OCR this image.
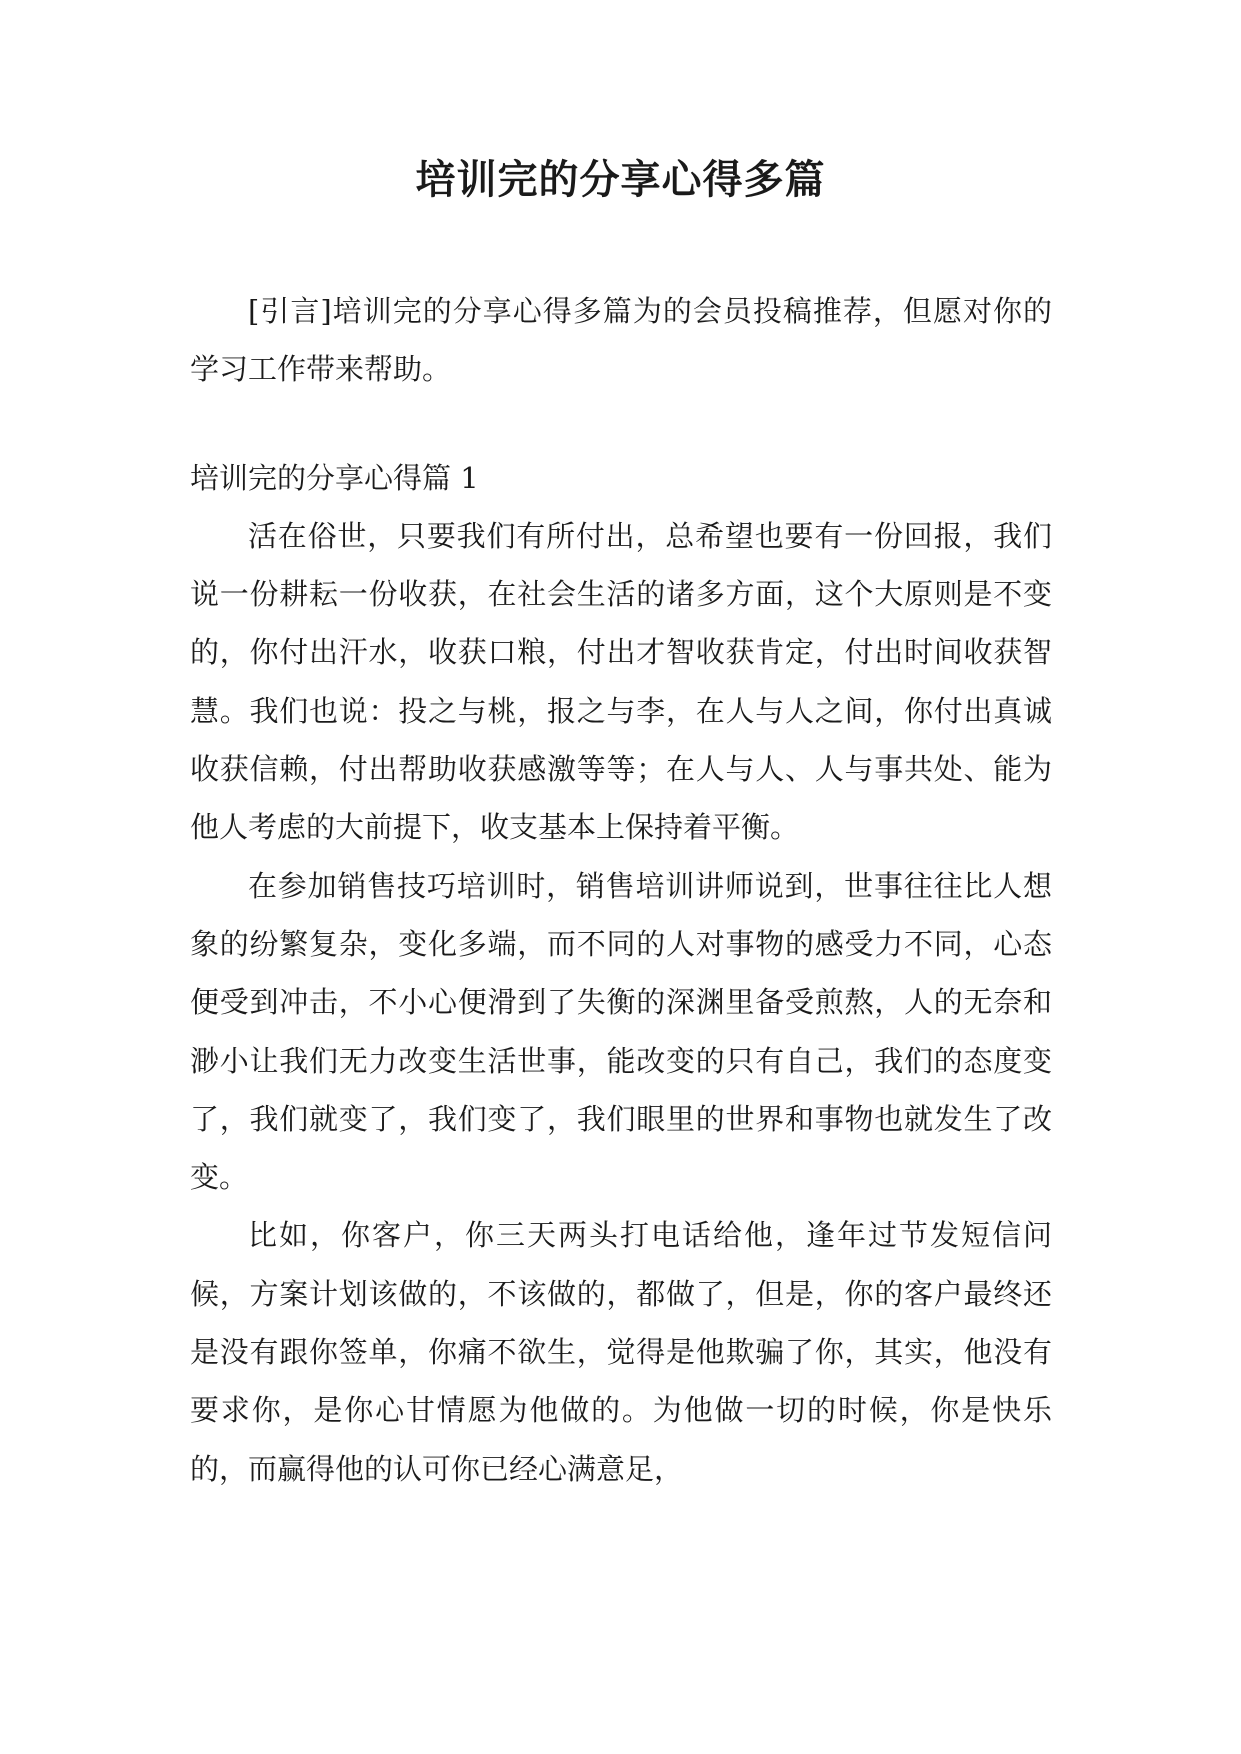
培训完的分享心得多篇

[引言]培训完的分享心得多篇为的会员投稿推荐，但愿对你的学习工作带来帮助。

培训完的分享心得篇 1

活在俗世，只要我们有所付出，总希望也要有一份回报，我们说一份耕耘一份收获，在社会生活的诸多方面，这个大原则是不变的，你付出汗水，收获口粮，付出才智收获肯定，付出时间收获智慧。我们也说：投之与桃，报之与李，在人与人之间，你付出真诚收获信赖，付出帮助收获感激等等；在人与人、人与事共处、能为他人考虑的大前提下，收支基本上保持着平衡。

在参加销售技巧培训时，销售培训讲师说到，世事往往比人想象的纷繁复杂，变化多端，而不同的人对事物的感受力不同，心态便受到冲击，不小心便滑到了失衡的深渊里备受煎熬，人的无奈和渺小让我们无力改变生活世事，能改变的只有自己，我们的态度变了，我们就变了，我们变了，我们眼里的世界和事物也就发生了改变。

比如，你客户，你三天两头打电话给他，逢年过节发短信问候，方案计划该做的，不该做的，都做了，但是，你的客户最终还是没有跟你签单，你痛不欲生，觉得是他欺骗了你，其实，他没有要求你，是你心甘情愿为他做的。为他做一切的时候，你是快乐的，而赢得他的认可你已经心满意足，
